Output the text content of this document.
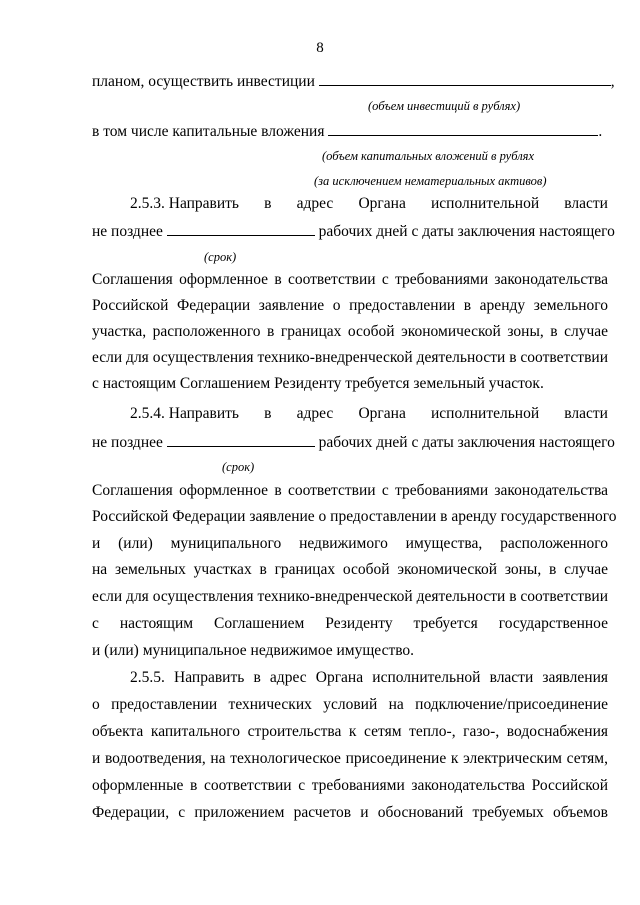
8
планом, осуществить инвестиции	,
(объем инвестиций в рублях)
в том числе капитальные вложения	.
(объем капитальных вложений в рублях
(за исключением нематериальных активов)
2.5.3. Направить в адрес Органа исполнительной власти
не позднее	рабочих дней с даты заключения настоящего
(срок)
Соглашения оформленное в соответствии с требованиями законодательства
Российской Федерации заявление о предоставлении в аренду земельного
участка, расположенного в границах особой экономической зоны, в случае
если для осуществления технико-внедренческой деятельности в соответствии
с настоящим Соглашением Резиденту требуется земельный участок.
2.5.4. Направить в адрес Органа исполнительной власти
не позднее	рабочих дней с даты заключения настоящего
(срок)
Соглашения оформленное в соответствии с требованиями законодательства
Российской Федерации заявление о предоставлении в аренду государственного
и (или) муниципального недвижимого имущества, расположенного
на земельных участках в границах особой экономической зоны, в случае
если для осуществления технико-внедренческой деятельности в соответствии
с настоящим Соглашением Резиденту требуется государственное
и (или) муниципальное недвижимое имущество.
2.5.5. Направить в адрес Органа исполнительной власти заявления
о предоставлении технических условий на подключение/присоединение
объекта капитального строительства к сетям тепло-, газо-, водоснабжения
и водоотведения, на технологическое присоединение к электрическим сетям,
оформленные в соответствии с требованиями законодательства Российской
Федерации, с приложением расчетов и обоснований требуемых объемов
